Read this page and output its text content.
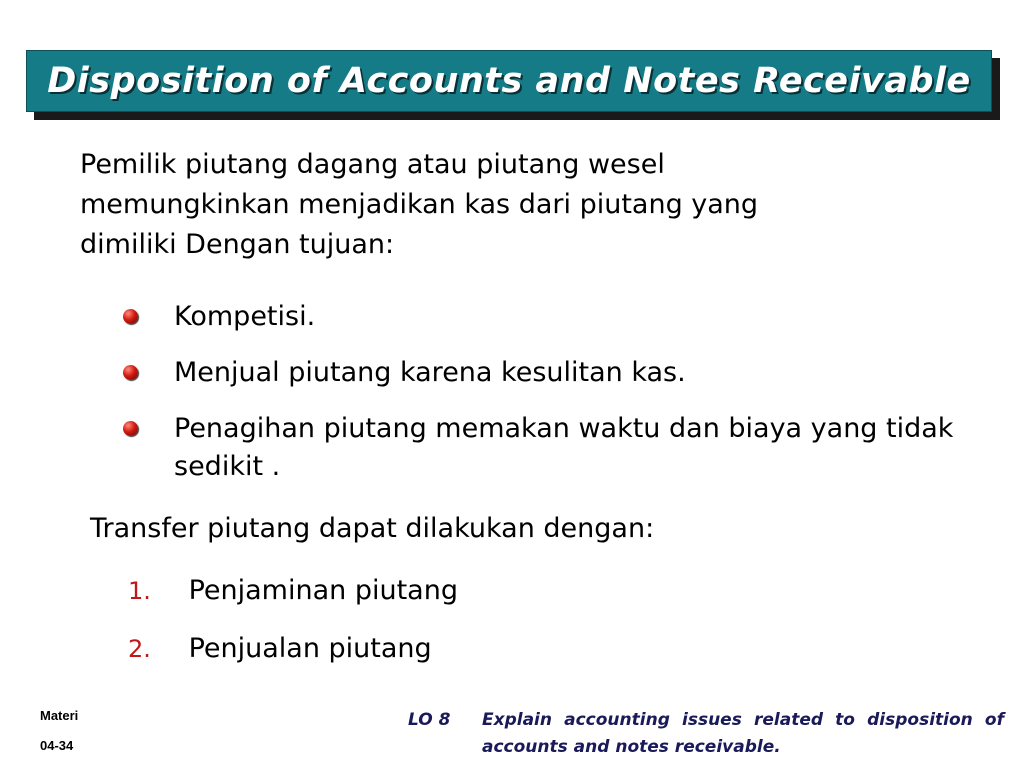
Disposition of Accounts and Notes Receivable
Pemilik piutang dagang atau piutang wesel
memungkinkan menjadikan kas dari piutang yang
dimiliki Dengan tujuan:
Kompetisi.
Menjual piutang karena kesulitan kas.
Penagihan piutang memakan waktu dan biaya yang tidak sedikit .
Transfer piutang dapat dilakukan dengan:
1. Penjaminan piutang
2. Penjualan piutang
Materi
04-34
LO 8 Explain accounting issues related to disposition of accounts and notes receivable.
